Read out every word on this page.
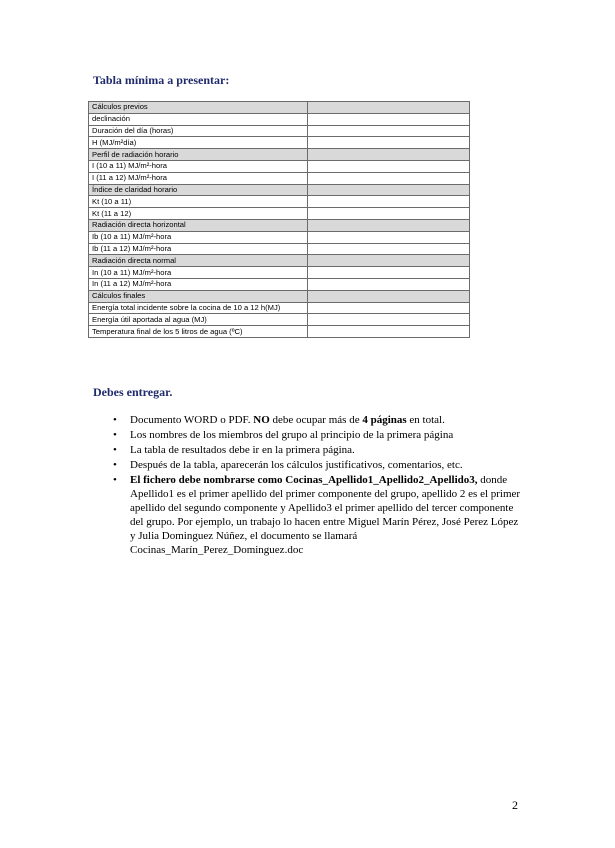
Tabla mínima a presentar:
Cálculos previos	
declinación	
Duración del día (horas)	
H (MJ/m²día)	
Perfil de radiación horario	
I (10 a 11) MJ/m²-hora	
I (11 a 12) MJ/m²-hora	
Índice de claridad horario	
Kt (10 a 11)	
Kt (11 a 12)	
Radiación directa horizontal	
Ib (10 a 11) MJ/m²-hora	
Ib (11 a 12) MJ/m²-hora	
Radiación directa normal	
In (10 a 11) MJ/m²-hora	
In (11 a 12) MJ/m²-hora	
Cálculos finales	
Energía total incidente sobre la cocina de 10 a 12 h(MJ)	
Energía útil aportada al agua (MJ)	
Temperatura final de los 5 litros de agua (ºC)	
Debes entregar.
• Documento WORD o PDF. NO debe ocupar más de 4 páginas en total.
• Los nombres de los miembros del grupo al principio de la primera página
• La tabla de resultados debe ir en la primera página.
• Después de la tabla, aparecerán los cálculos justificativos, comentarios, etc.
• El fichero debe nombrarse como Cocinas_Apellido1_Apellido2_Apellido3, donde Apellido1 es el primer apellido del primer componente del grupo, apellido 2 es el primer apellido del segundo componente y Apellido3 el primer apellido del tercer componente del grupo. Por ejemplo, un trabajo lo hacen entre Miguel Marín Pérez, José Perez López y Julia Dominguez Núñez, el documento se llamará Cocinas_Marín_Perez_Dominguez.doc
2
